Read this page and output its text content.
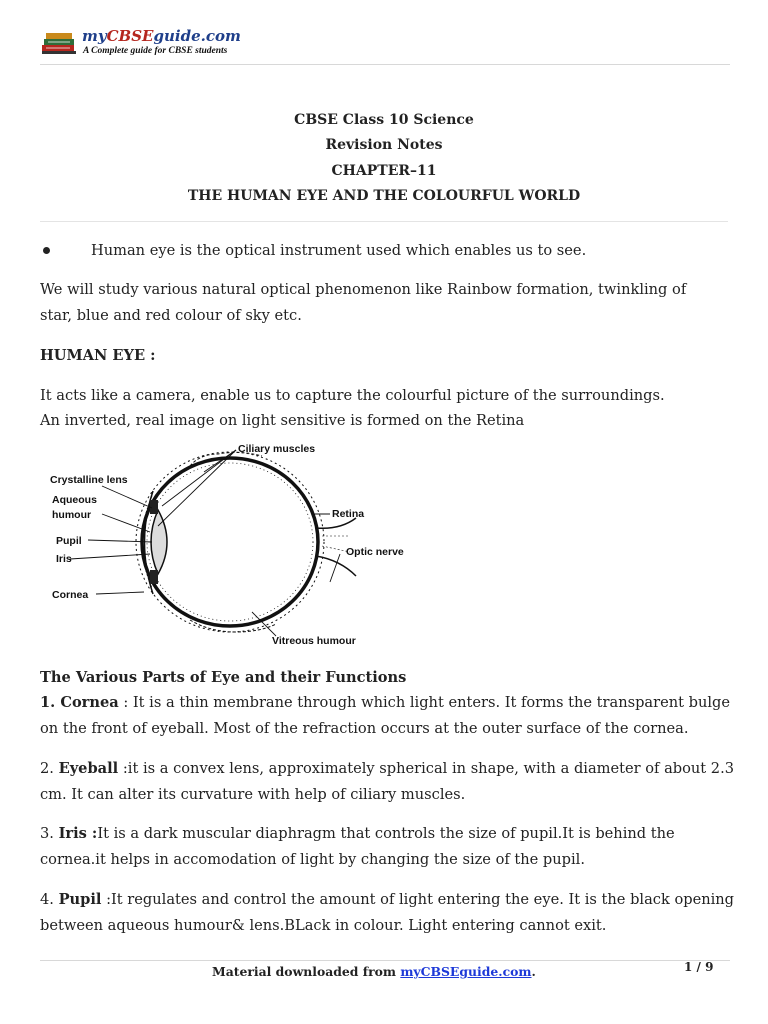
myCBSEguide.com
A Complete guide for CBSE students
CBSE Class 10 Science
Revision Notes
CHAPTER–11
THE HUMAN EYE AND THE COLOURFUL WORLD
Human eye is the optical instrument used which enables us to see.
We will study various natural optical phenomenon like Rainbow formation, twinkling of
star, blue and red colour of sky etc.
HUMAN EYE :
It acts like a camera, enable us to capture the colourful picture of the surroundings.
An inverted, real image on light sensitive is formed on the Retina
Ciliary muscles
Crystalline lens
Aqueous
humour
Pupil
Iris
Cornea
Retina
Optic nerve
Vitreous humour
The Various Parts of Eye and their Functions
1. Cornea : It is a thin membrane through which light enters. It forms the transparent bulge
on the front of eyeball. Most of the refraction occurs at the outer surface of the cornea.
2. Eyeball :it is a convex lens, approximately spherical in shape, with a diameter of about 2.3
cm. It can alter its curvature with help of ciliary muscles.
3. Iris :It is a dark muscular diaphragm that controls the size of pupil.It is behind the
cornea.it helps in accomodation of light by changing the size of the pupil.
4. Pupil :It regulates and control the amount of light entering the eye. It is the black opening
between aqueous humour& lens.BLack in colour. Light entering cannot exit.
Material downloaded from myCBSEguide.com.	1 / 9
